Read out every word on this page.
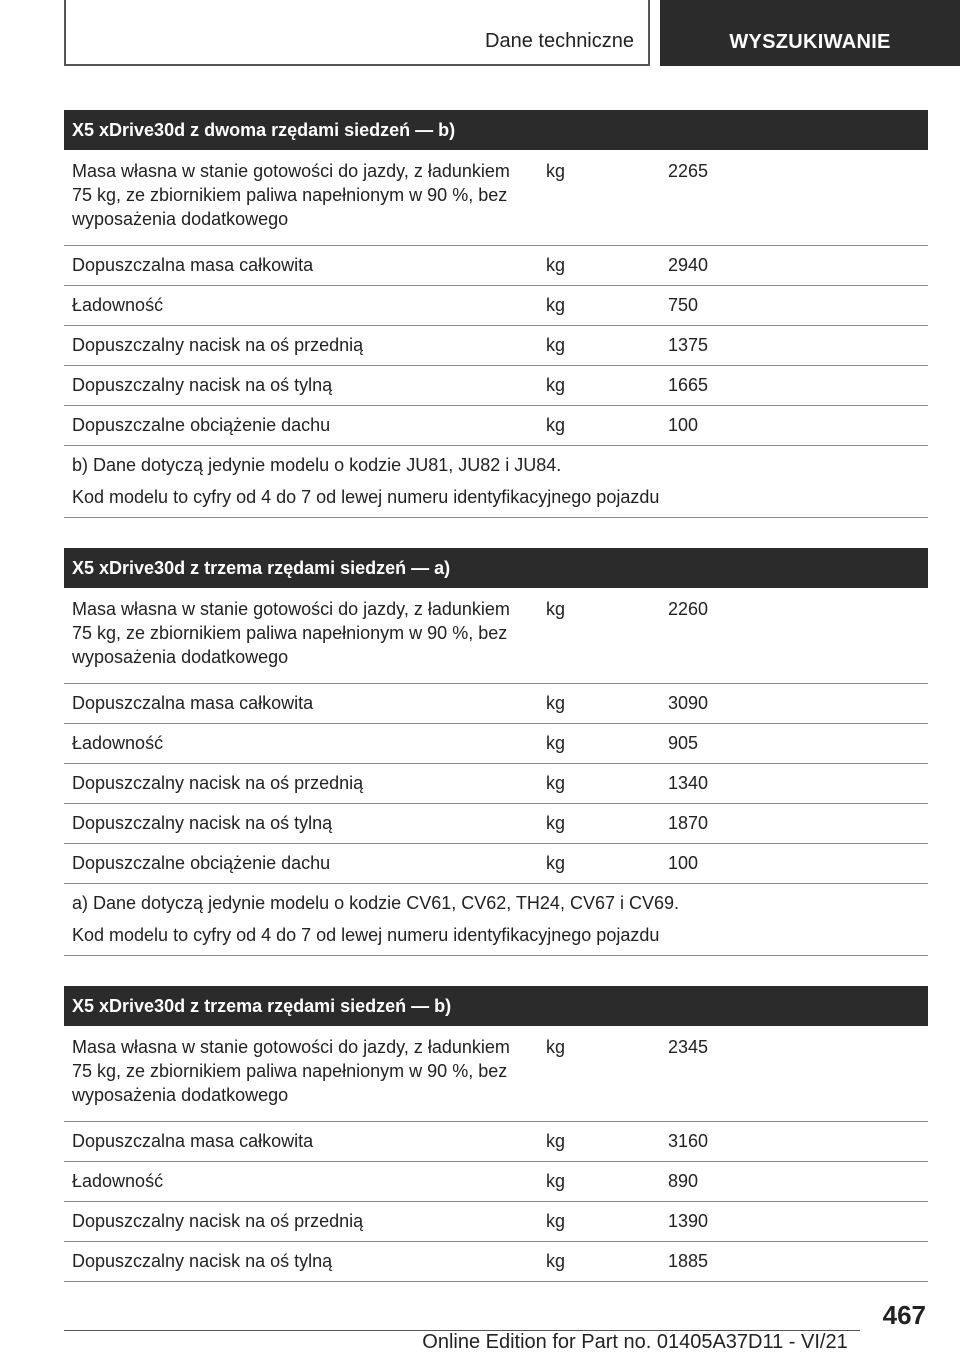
Dane techniczne	WYSZUKIWANIE
X5 xDrive30d z dwoma rzędami siedzeń — b)
Masa własna w stanie gotowości do jazdy, z ładunkiem 75 kg, ze zbiornikiem paliwa napełnionym w 90 %, bez wyposażenia dodatkowego
kg	2265
Dopuszczalna masa całkowita	kg	2940
Ładowność	kg	750
Dopuszczalny nacisk na oś przednią	kg	1375
Dopuszczalny nacisk na oś tylną	kg	1665
Dopuszczalne obciążenie dachu	kg	100

b) Dane dotyczą jedynie modelu o kodzie JU81, JU82 i JU84.

Kod modelu to cyfry od 4 do 7 od lewej numeru identyfikacyjnego pojazdu

X5 xDrive30d z trzema rzędami siedzeń — a)
Masa własna w stanie gotowości do jazdy, z ładunkiem 75 kg, ze zbiornikiem paliwa napełnionym w 90 %, bez wyposażenia dodatkowego
kg	2260
Dopuszczalna masa całkowita	kg	3090
Ładowność	kg	905
Dopuszczalny nacisk na oś przednią	kg	1340
Dopuszczalny nacisk na oś tylną	kg	1870
Dopuszczalne obciążenie dachu	kg	100

a) Dane dotyczą jedynie modelu o kodzie CV61, CV62, TH24, CV67 i CV69.

Kod modelu to cyfry od 4 do 7 od lewej numeru identyfikacyjnego pojazdu

X5 xDrive30d z trzema rzędami siedzeń — b)
Masa własna w stanie gotowości do jazdy, z ładunkiem 75 kg, ze zbiornikiem paliwa napełnionym w 90 %, bez wyposażenia dodatkowego
kg	2345
Dopuszczalna masa całkowita	kg	3160
Ładowność	kg	890
Dopuszczalny nacisk na oś przednią	kg	1390
Dopuszczalny nacisk na oś tylną	kg	1885
467
Online Edition for Part no. 01405A37D11 - VI/21
